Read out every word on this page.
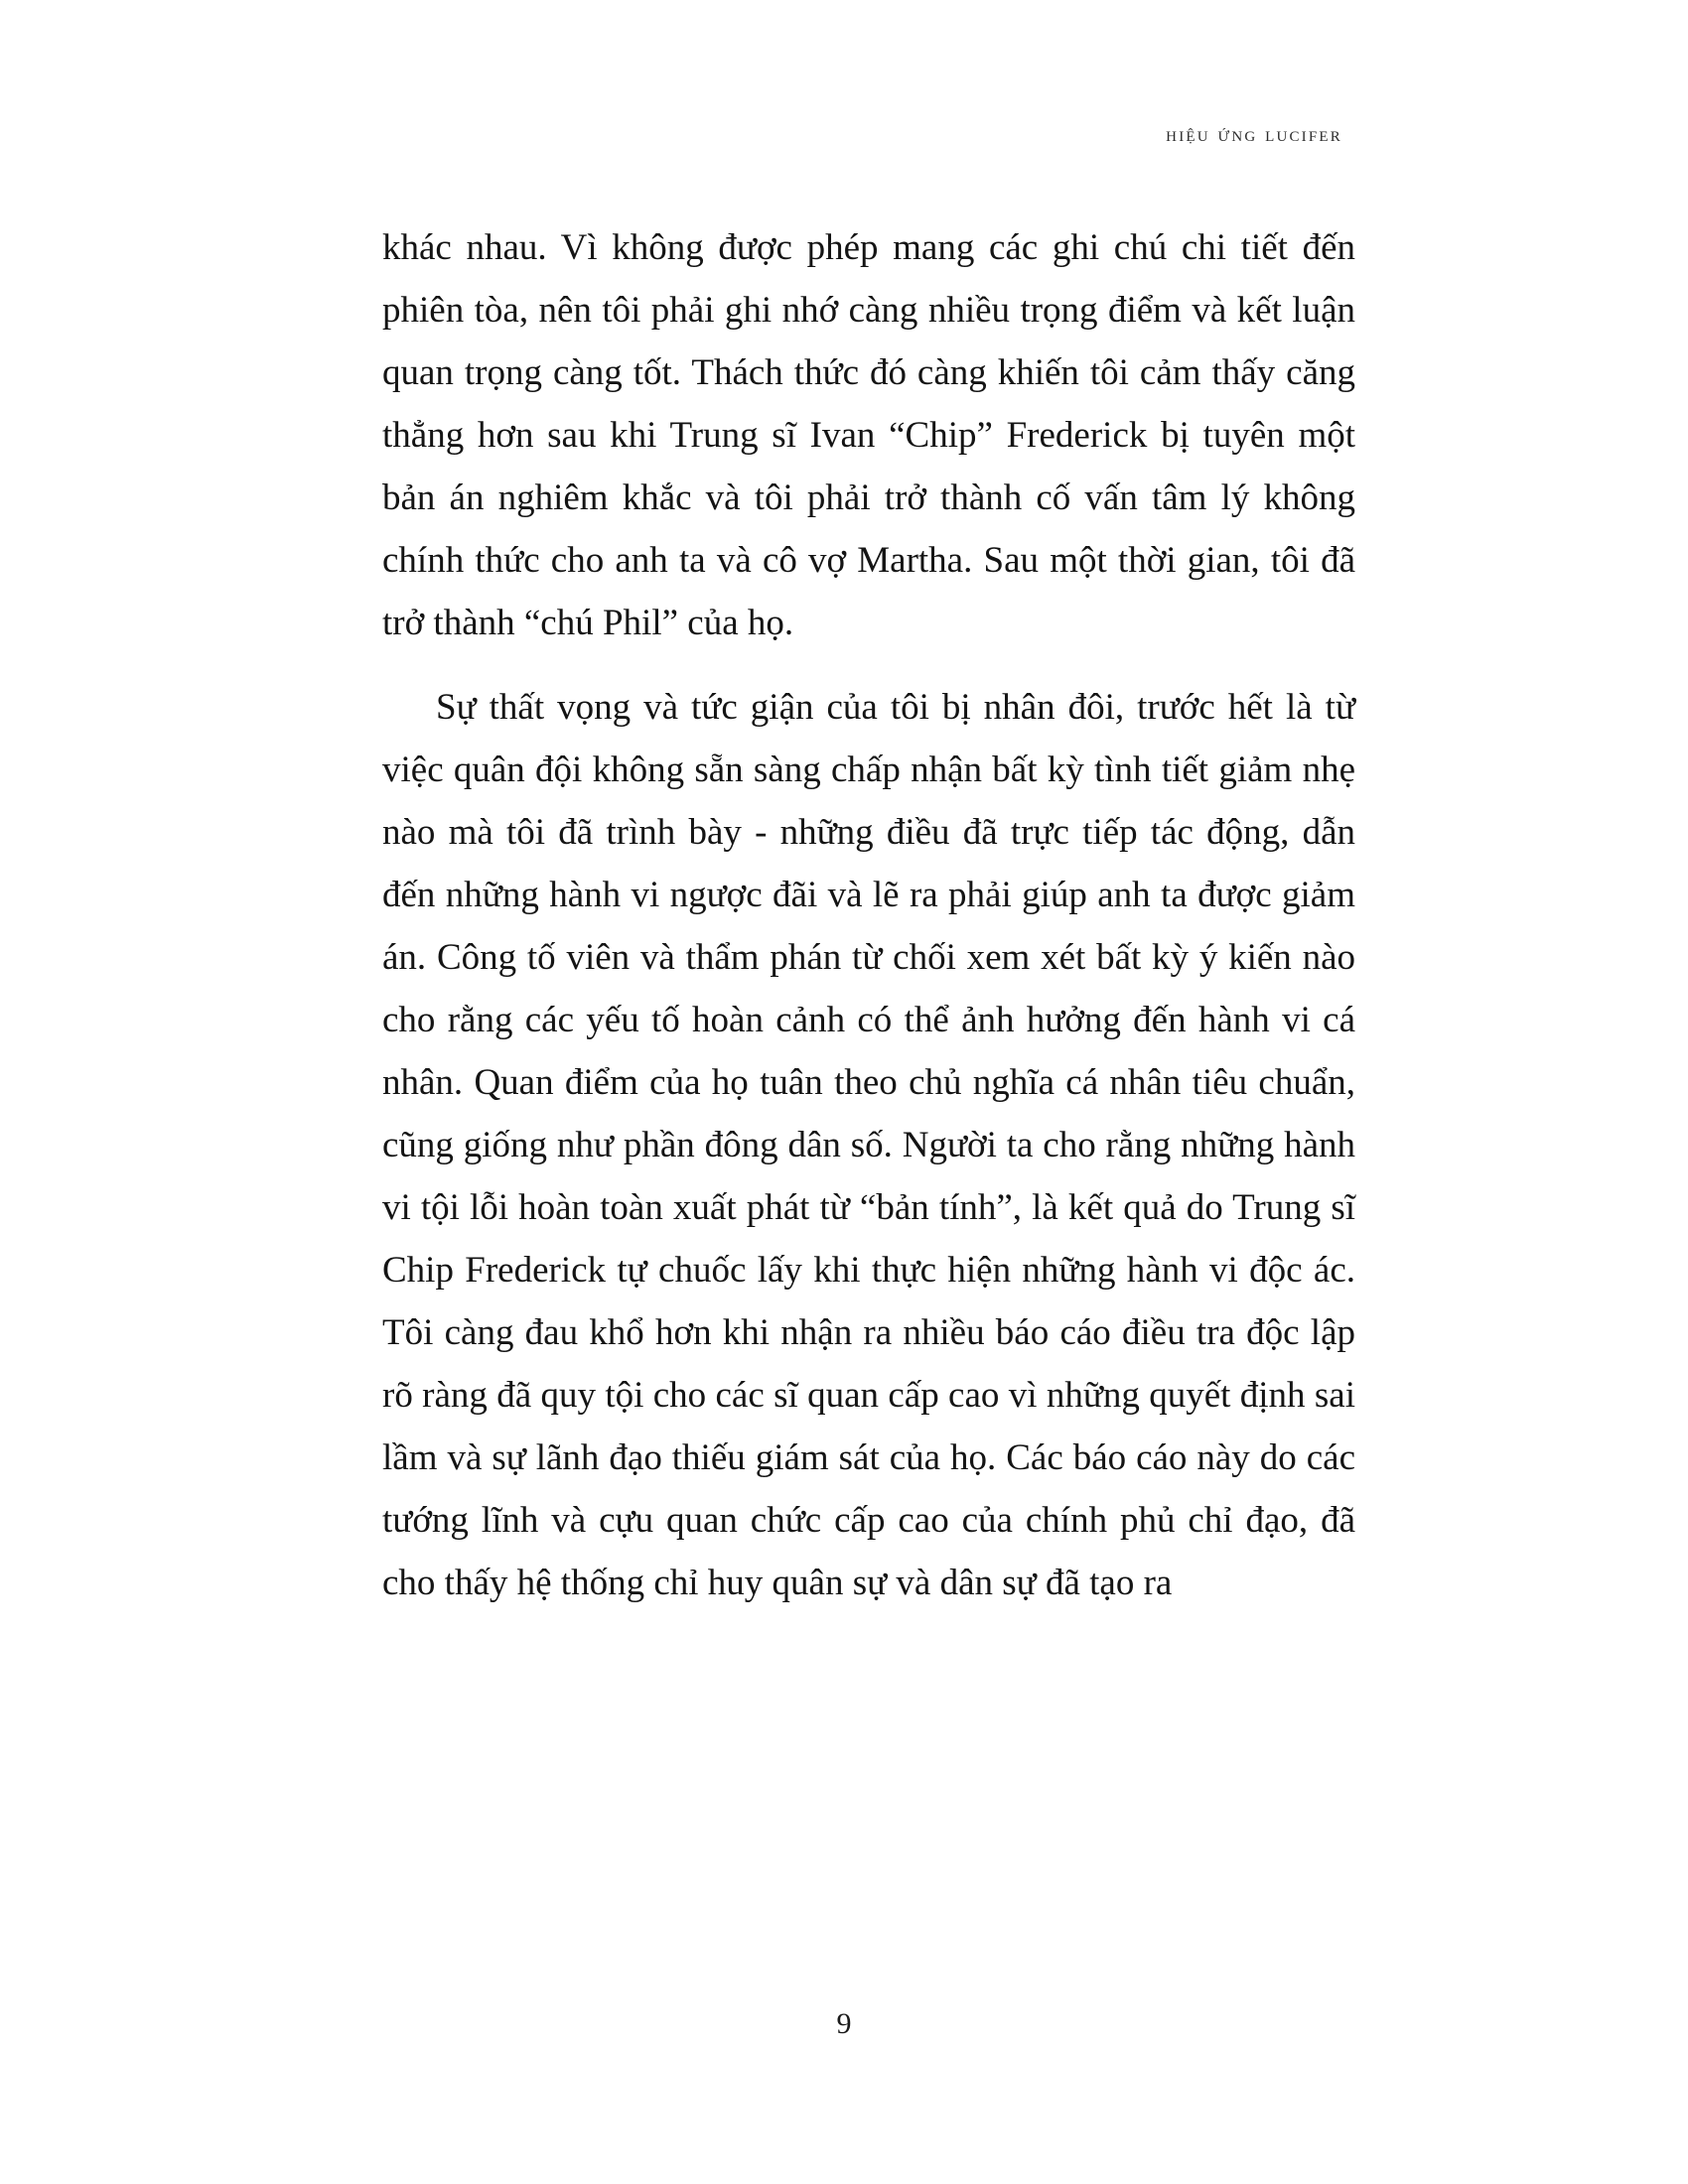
hiệu ứng lucifer

khác nhau. Vì không được phép mang các ghi chú chi tiết đến phiên tòa, nên tôi phải ghi nhớ càng nhiều trọng điểm và kết luận quan trọng càng tốt. Thách thức đó càng khiến tôi cảm thấy căng thẳng hơn sau khi Trung sĩ Ivan “Chip” Frederick bị tuyên một bản án nghiêm khắc và tôi phải trở thành cố vấn tâm lý không chính thức cho anh ta và cô vợ Martha. Sau một thời gian, tôi đã trở thành “chú Phil” của họ.

Sự thất vọng và tức giận của tôi bị nhân đôi, trước hết là từ việc quân đội không sẵn sàng chấp nhận bất kỳ tình tiết giảm nhẹ nào mà tôi đã trình bày - những điều đã trực tiếp tác động, dẫn đến những hành vi ngược đãi và lẽ ra phải giúp anh ta được giảm án. Công tố viên và thẩm phán từ chối xem xét bất kỳ ý kiến nào cho rằng các yếu tố hoàn cảnh có thể ảnh hưởng đến hành vi cá nhân. Quan điểm của họ tuân theo chủ nghĩa cá nhân tiêu chuẩn, cũng giống như phần đông dân số. Người ta cho rằng những hành vi tội lỗi hoàn toàn xuất phát từ “bản tính”, là kết quả do Trung sĩ Chip Frederick tự chuốc lấy khi thực hiện những hành vi độc ác. Tôi càng đau khổ hơn khi nhận ra nhiều báo cáo điều tra độc lập rõ ràng đã quy tội cho các sĩ quan cấp cao vì những quyết định sai lầm và sự lãnh đạo thiếu giám sát của họ. Các báo cáo này do các tướng lĩnh và cựu quan chức cấp cao của chính phủ chỉ đạo, đã cho thấy hệ thống chỉ huy quân sự và dân sự đã tạo ra

9
